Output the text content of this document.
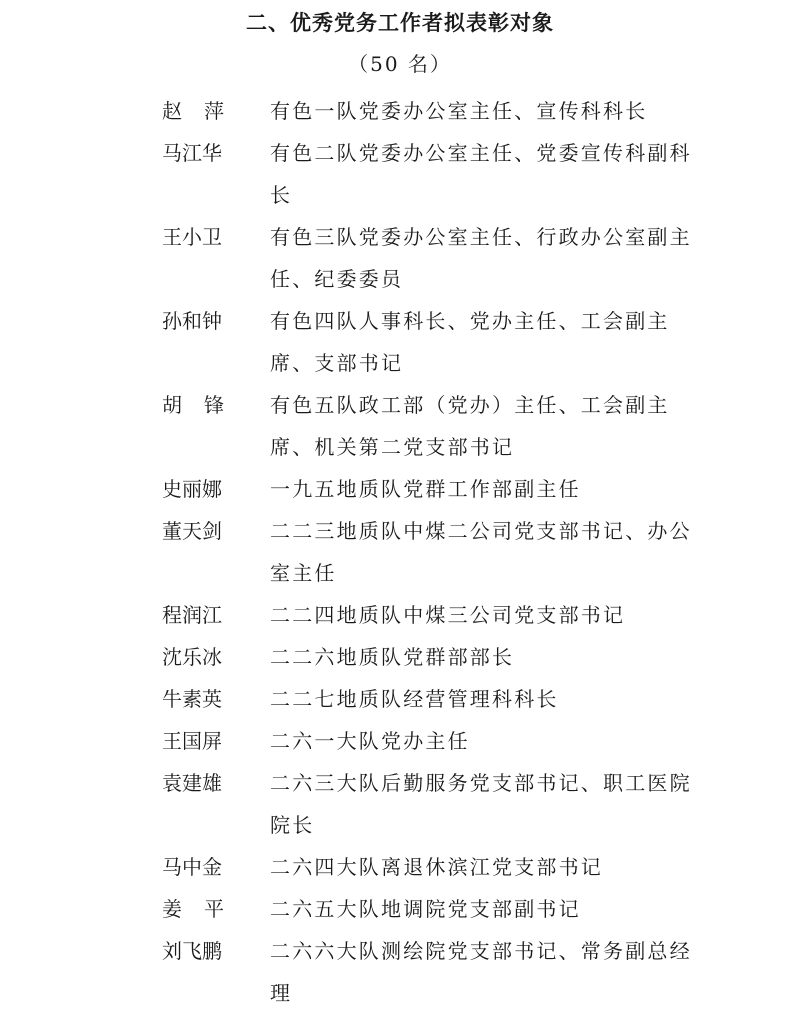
二、优秀党务工作者拟表彰对象
（50 名）
赵萍	有色一队党委办公室主任、宣传科科长
马江华	有色二队党委办公室主任、党委宣传科副科长
王小卫	有色三队党委办公室主任、行政办公室副主任、纪委委员
孙和钟	有色四队人事科长、党办主任、工会副主席、支部书记
胡锋	有色五队政工部（党办）主任、工会副主席、机关第二党支部书记
史丽娜	一九五地质队党群工作部副主任
董天剑	二二三地质队中煤二公司党支部书记、办公室主任
程润江	二二四地质队中煤三公司党支部书记
沈乐冰	二二六地质队党群部部长
牛素英	二二七地质队经营管理科科长
王国屏	二六一大队党办主任
袁建雄	二六三大队后勤服务党支部书记、职工医院院长
马中金	二六四大队离退休滨江党支部书记
姜平	二六五大队地调院党支部副书记
刘飞鹏	二六六大队测绘院党支部书记、常务副总经理
